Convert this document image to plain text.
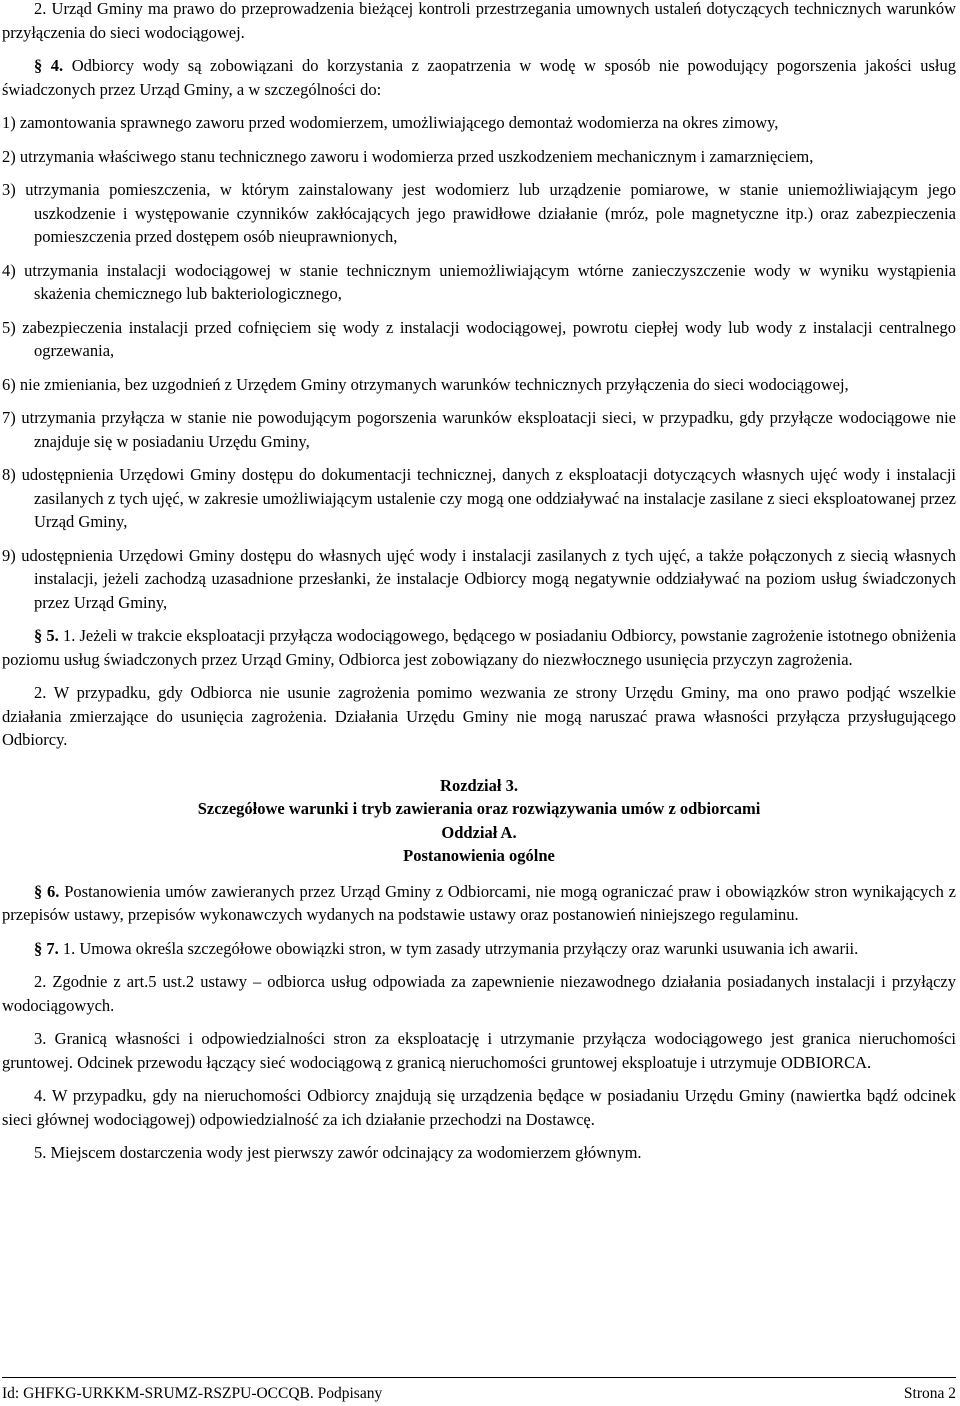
2. Urząd Gminy ma prawo do przeprowadzenia bieżącej kontroli przestrzegania umownych ustaleń dotyczących technicznych warunków przyłączenia do sieci wodociągowej.

§ 4. Odbiorcy wody są zobowiązani do korzystania z zaopatrzenia w wodę w sposób nie powodujący pogorszenia jakości usług świadczonych przez Urząd Gminy, a w szczególności do:

1) zamontowania sprawnego zaworu przed wodomierzem, umożliwiającego demontaż wodomierza na okres zimowy,

2) utrzymania właściwego stanu technicznego zaworu i wodomierza przed uszkodzeniem mechanicznym i zamarznięciem,

3) utrzymania pomieszczenia, w którym zainstalowany jest wodomierz lub urządzenie pomiarowe, w stanie uniemożliwiającym jego uszkodzenie i występowanie czynników zakłócających jego prawidłowe działanie (mróz, pole magnetyczne itp.) oraz zabezpieczenia pomieszczenia przed dostępem osób nieuprawnionych,

4) utrzymania instalacji wodociągowej w stanie technicznym uniemożliwiającym wtórne zanieczyszczenie wody w wyniku wystąpienia skażenia chemicznego lub bakteriologicznego,

5) zabezpieczenia instalacji przed cofnięciem się wody z instalacji wodociągowej, powrotu ciepłej wody lub wody z instalacji centralnego ogrzewania,

6) nie zmieniania, bez uzgodnień z Urzędem Gminy otrzymanych warunków technicznych przyłączenia do sieci wodociągowej,

7) utrzymania przyłącza w stanie nie powodującym pogorszenia warunków eksploatacji sieci, w przypadku, gdy przyłącze wodociągowe nie znajduje się w posiadaniu Urzędu Gminy,

8) udostępnienia Urzędowi Gminy dostępu do dokumentacji technicznej, danych z eksploatacji dotyczących własnych ujęć wody i instalacji zasilanych z tych ujęć, w zakresie umożliwiającym ustalenie czy mogą one oddziaływać na instalacje zasilane z sieci eksploatowanej przez Urząd Gminy,

9) udostępnienia Urzędowi Gminy dostępu do własnych ujęć wody i instalacji zasilanych z tych ujęć, a także połączonych z siecią własnych instalacji, jeżeli zachodzą uzasadnione przesłanki, że instalacje Odbiorcy mogą negatywnie oddziaływać na poziom usług świadczonych przez Urząd Gminy,

§ 5. 1. Jeżeli w trakcie eksploatacji przyłącza wodociągowego, będącego w posiadaniu Odbiorcy, powstanie zagrożenie istotnego obniżenia poziomu usług świadczonych przez Urząd Gminy, Odbiorca jest zobowiązany do niezwłocznego usunięcia przyczyn zagrożenia.

2. W przypadku, gdy Odbiorca nie usunie zagrożenia pomimo wezwania ze strony Urzędu Gminy, ma ono prawo podjąć wszelkie działania zmierzające do usunięcia zagrożenia. Działania Urzędu Gminy nie mogą naruszać prawa własności przyłącza przysługującego Odbiorcy.

Rozdział 3.

Szczegółowe warunki i tryb zawierania oraz rozwiązywania umów z odbiorcami

Oddział A.

Postanowienia ogólne

§ 6. Postanowienia umów zawieranych przez Urząd Gminy z Odbiorcami, nie mogą ograniczać praw i obowiązków stron wynikających z przepisów ustawy, przepisów wykonawczych wydanych na podstawie ustawy oraz postanowień niniejszego regulaminu.

§ 7. 1. Umowa określa szczegółowe obowiązki stron, w tym zasady utrzymania przyłączy oraz warunki usuwania ich awarii.

2. Zgodnie z art.5 ust.2 ustawy – odbiorca usług odpowiada za zapewnienie niezawodnego działania posiadanych instalacji i przyłączy wodociągowych.

3. Granicą własności i odpowiedzialności stron za eksploatację i utrzymanie przyłącza wodociągowego jest granica nieruchomości gruntowej. Odcinek przewodu łączący sieć wodociągową z granicą nieruchomości gruntowej eksploatuje i utrzymuje ODBIORCA.

4. W przypadku, gdy na nieruchomości Odbiorcy znajdują się urządzenia będące w posiadaniu Urzędu Gminy (nawiertka bądź odcinek sieci głównej wodociągowej) odpowiedzialność za ich działanie przechodzi na Dostawcę.

5. Miejscem dostarczenia wody jest pierwszy zawór odcinający za wodomierzem głównym.

Id: GHFKG-URKKM-SRUMZ-RSZPU-OCCQB. Podpisany	Strona 2
